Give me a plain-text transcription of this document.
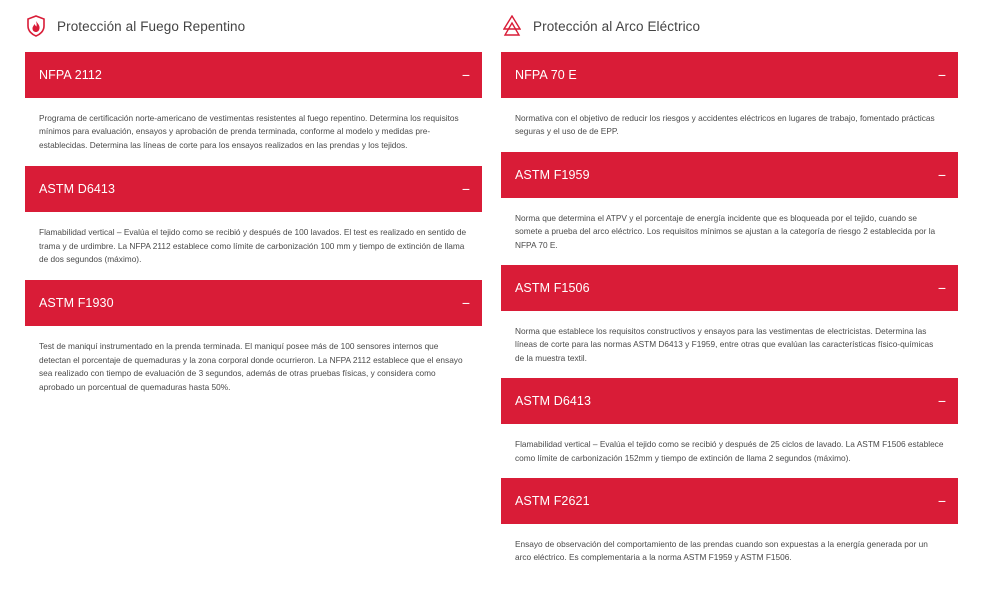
Protección al Fuego Repentino
NFPA 2112	−
Programa de certificación norte-americano de vestimentas resistentes al fuego repentino. Determina los requisitos mínimos para evaluación, ensayos y aprobación de prenda terminada, conforme al modelo y medidas pre-establecidas. Determina las líneas de corte para los ensayos realizados en las prendas y los tejidos.
ASTM D6413	−
Flamabilidad vertical – Evalúa el tejido como se recibió y después de 100 lavados. El test es realizado en sentido de trama y de urdimbre. La NFPA 2112 establece como límite de carbonización 100 mm y tiempo de extinción de llama de dos segundos (máximo).
ASTM F1930	−
Test de maniquí instrumentado en la prenda terminada. El maniquí posee más de 100 sensores internos que detectan el porcentaje de quemaduras y la zona corporal donde ocurrieron. La NFPA 2112 establece que el ensayo sea realizado con tiempo de evaluación de 3 segundos, además de otras pruebas físicas, y considera como aprobado un porcentual de quemaduras hasta 50%.
Protección al Arco Eléctrico
NFPA 70 E	−
Normativa con el objetivo de reducir los riesgos y accidentes eléctricos en lugares de trabajo, fomentado prácticas seguras y el uso de de EPP.
ASTM F1959	−
Norma que determina el ATPV y el porcentaje de energía incidente que es bloqueada por el tejido, cuando se somete a prueba del arco eléctrico. Los requisitos mínimos se ajustan a la categoría de riesgo 2 establecida por la NFPA 70 E.
ASTM F1506	−
Norma que establece los requisitos constructivos y ensayos para las vestimentas de electricistas. Determina las líneas de corte para las normas ASTM D6413 y F1959, entre otras que evalúan las características físico-químicas de la muestra textil.
ASTM D6413	−
Flamabilidad vertical – Evalúa el tejido como se recibió y después de 25 ciclos de lavado. La ASTM F1506 establece como límite de carbonización 152mm y tiempo de extinción de llama 2 segundos (máximo).
ASTM F2621	−
Ensayo de observación del comportamiento de las prendas cuando son expuestas a la energía generada por un arco eléctrico. Es complementaria a la norma ASTM F1959 y ASTM F1506.
